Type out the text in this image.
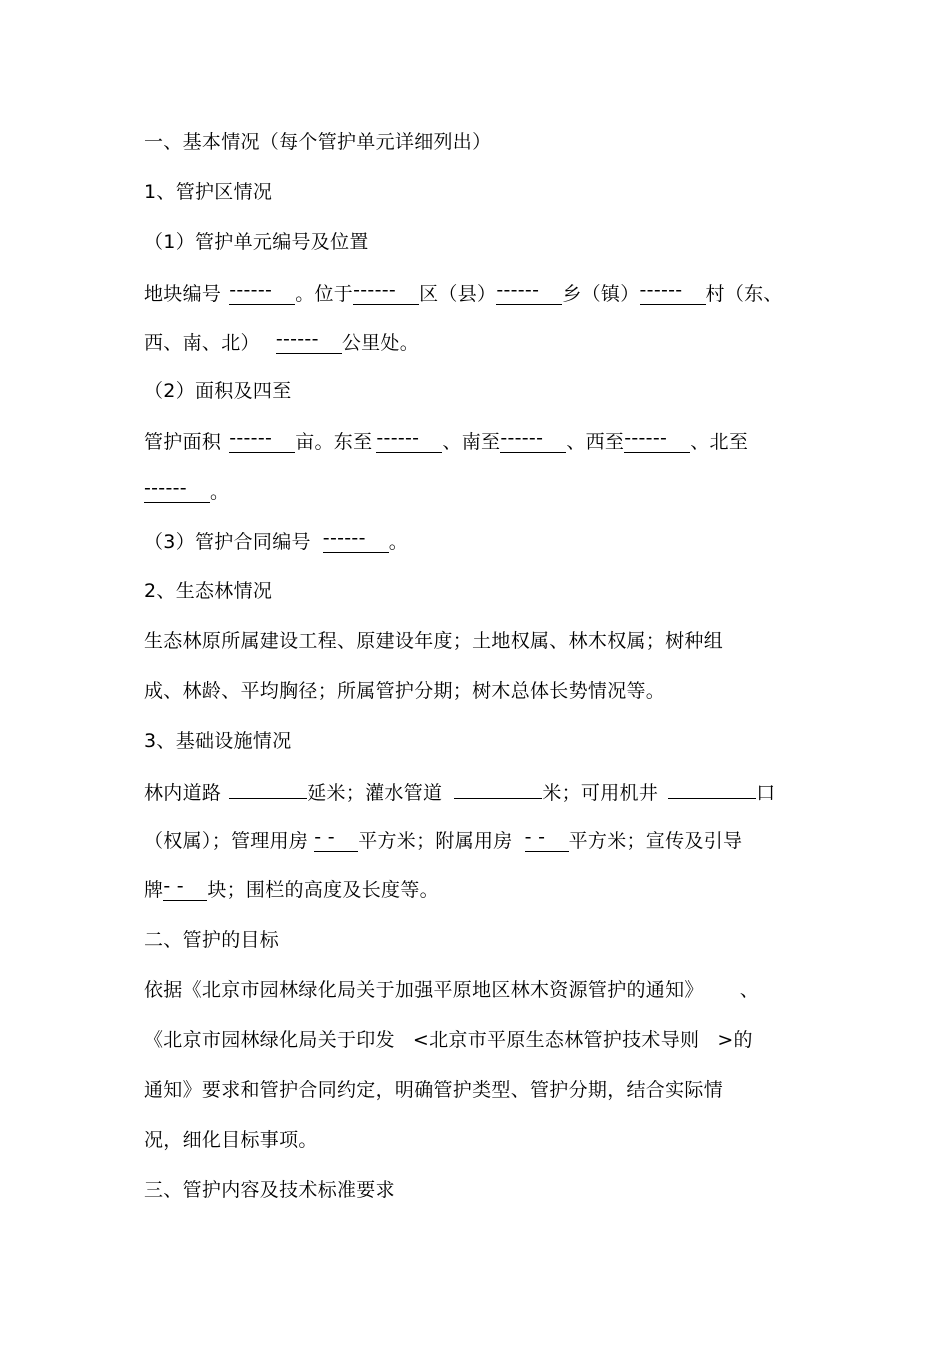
一、基本情况（每个管护单元详细列出）
1、管护区情况
（1）管护单元编号及位置
地块编号 ------ 。位于------ 区（县）------ 乡（镇）------ 村（东、
西、南、北） ------ 公里处。
（2）面积及四至
管护面积 ------ 亩。东至 ------ 、南至------ 、西至------ 、北至
------ 。
（3）管护合同编号 ------ 。
2、生态林情况
生态林原所属建设工程、原建设年度；土地权属、林木权属；树种组
成、林龄、平均胸径；所属管护分期；树木总体长势情况等。
3、基础设施情况
林内道路	延米；灌水管道	米；可用机井	口
（权属）；管理用房 - - 平方米；附属用房 - - 平方米；宣传及引导
牌- - 块；围栏的高度及长度等。
二、管护的目标
依据《北京市园林绿化局关于加强平原地区林木资源管护的通知》 、
《北京市园林绿化局关于印发 <北京市平原生态林管护技术导则 >的
通知》要求和管护合同约定，明确管护类型、管护分期，结合实际情
况，细化目标事项。
三、管护内容及技术标准要求
